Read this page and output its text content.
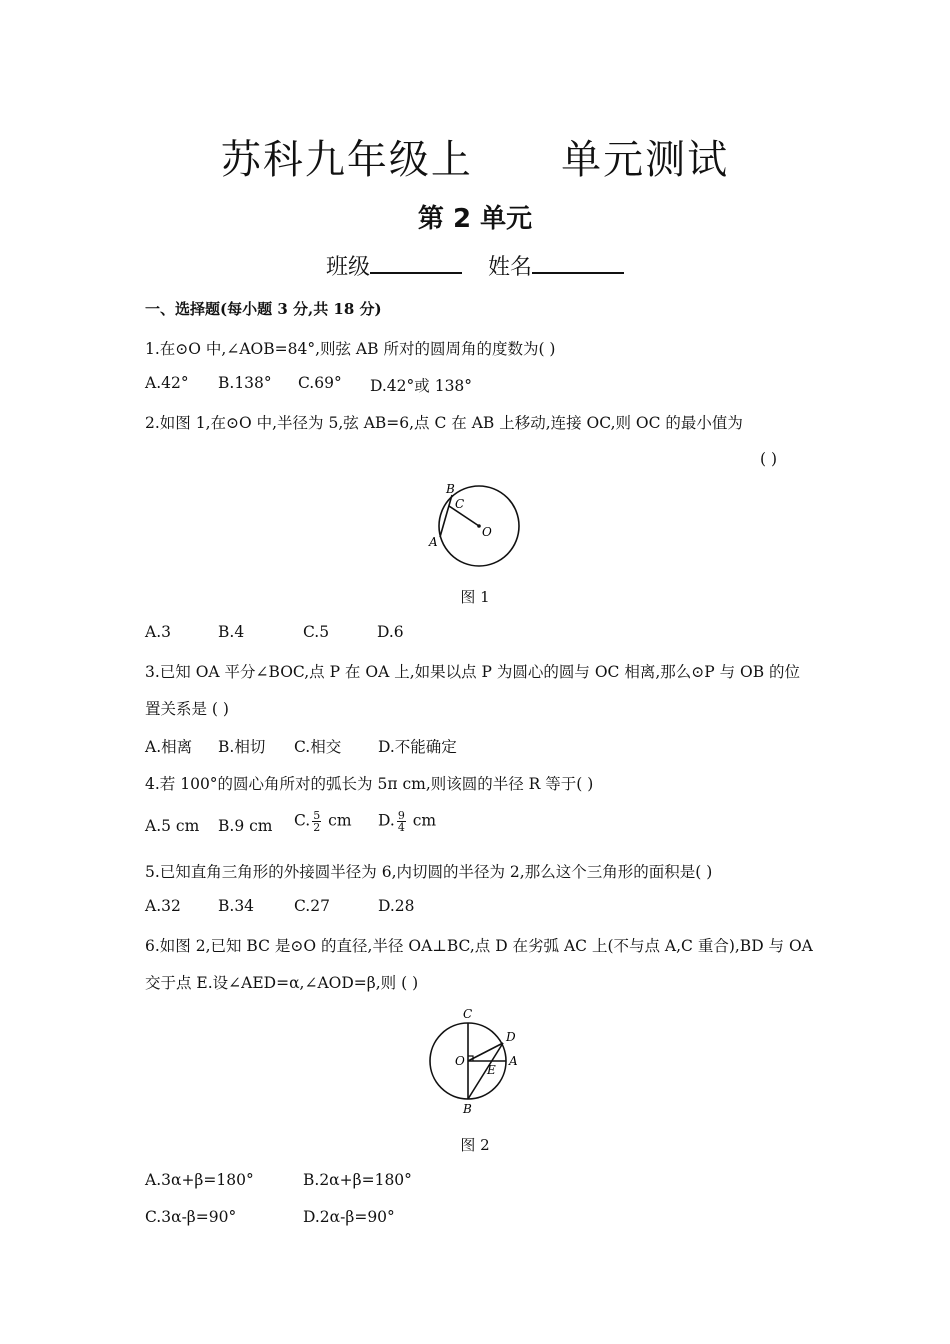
苏科九年级上      单元测试
第 2 单元
班级	姓名
一、选择题(每小题 3 分,共 18 分)
1.在⊙O 中,∠AOB=84°,则弦 AB 所对的圆周角的度数为( )
A.42° B.138° C.69° D.42°或 138°
2.如图 1,在⊙O 中,半径为 5,弦 AB=6,点 C 在 AB 上移动,连接 OC,则 OC 的最小值为
( )
B
C
O
A
图 1
A.3	B.4	C.5	D.6
3.已知 OA 平分∠BOC,点 P 在 OA 上,如果以点 P 为圆心的圆与 OC 相离,那么⊙P 与 OB 的位
置关系是 ( )
A.相离 B.相切 C.相交 D.不能确定
4.若 100°的圆心角所对的弧长为 5π cm,则该圆的半径 R 等于( )
A.5 cm B.9 cm C. $\frac{5}{2}$ cm D. $\frac{9}{4}$ cm
5.已知直角三角形的外接圆半径为 6,内切圆的半径为 2,那么这个三角形的面积是( )
A.32 B.34	C.27	D.28
6.如图 2,已知 BC 是⊙O 的直径,半径 OA⊥BC,点 D 在劣弧 AC 上(不与点 A,C 重合),BD 与 OA
交于点 E.设∠AED=α,∠AOD=β,则 ( )
C
D
O	A
E
B
图 2
A.3α+β=180°	B.2α+β=180°
C.3α-β=90°	D.2α-β=90°
